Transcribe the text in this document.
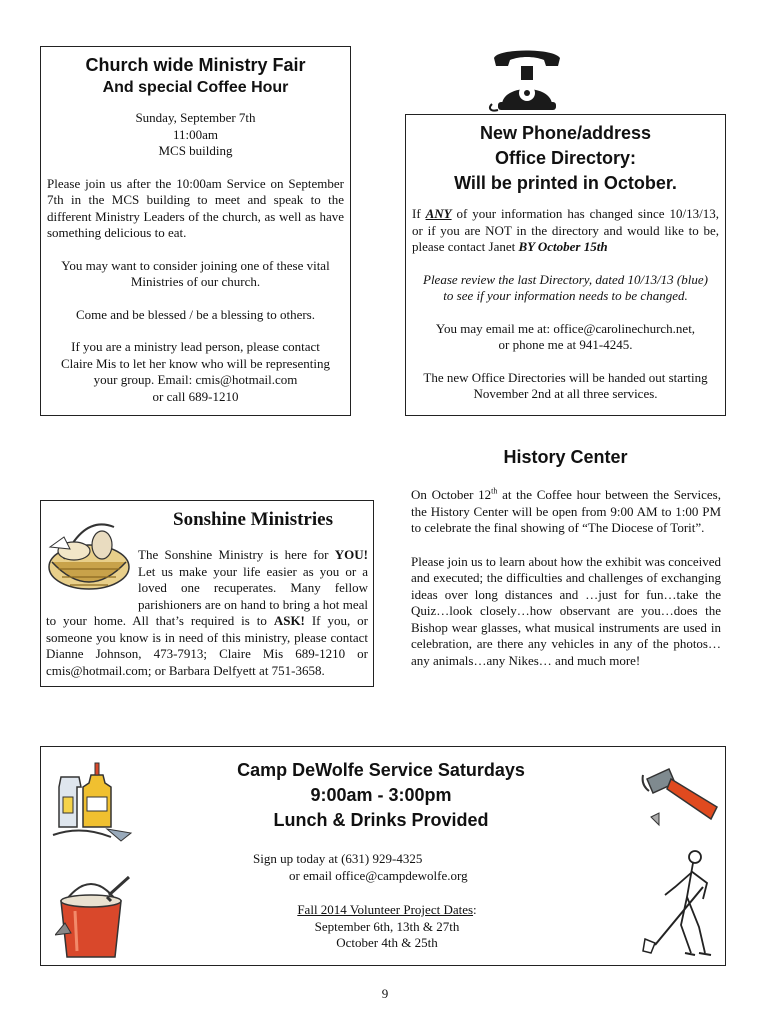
Church wide Ministry Fair
And special Coffee Hour

Sunday, September 7th

11:00am

MCS building

Please join us after the 10:00am Service on September 7th in the MCS building to meet and speak to the different Ministry Leaders of the church, as well as have something delicious to eat.

You may want to consider joining one of these vital

Ministries of our church.

Come and be blessed / be a blessing to others.

If you are a ministry lead person, please contact

Claire Mis to let her know who will be representing

your group. Email: cmis@hotmail.com

or call 689-1210

New Phone/address
Office Directory:
Will be printed in October.

If ANY of your information has changed since 10/13/13, or if you are NOT in the directory and would like to be, please contact Janet BY October 15th

Please review the last Directory, dated 10/13/13 (blue)

to see if your information needs to be changed.

You may email me at: office@carolinechurch.net,

or phone me at 941-4245.

The new Office Directories will be handed out starting

November 2nd at all three services.

History Center

On October 12th at the Coffee hour between the Services, the History Center will be open from 9:00 AM to 1:00 PM to celebrate the final showing of “The Diocese of Torit”.

Please join us to learn about how the exhibit was conceived and executed; the difficulties and challenges of exchanging ideas over long distances and …just for fun…take the Quiz…look closely…how observant are you…does the Bishop wear glasses, what musical instruments are used in celebration, are there any vehicles in any of the photos…any animals…any Nikes… and much more!

Sonshine Ministries

The Sonshine Ministry is here for YOU! Let us make your life easier as you or a loved one recuperates. Many fellow parishioners are on hand to bring a hot meal to your home. All that’s required is to ASK! If you, or someone you know is in need of this ministry, please contact Dianne Johnson, 473-7913; Claire Mis 689-1210 or cmis@hotmail.com; or Barbara Delfyett at 751-3658.

Camp DeWolfe Service Saturdays
9:00am - 3:00pm
Lunch & Drinks Provided

Sign up today at (631) 929-4325

or email office@campdewolfe.org

Fall 2014 Volunteer Project Dates:

September 6th, 13th & 27th

October 4th & 25th

9
